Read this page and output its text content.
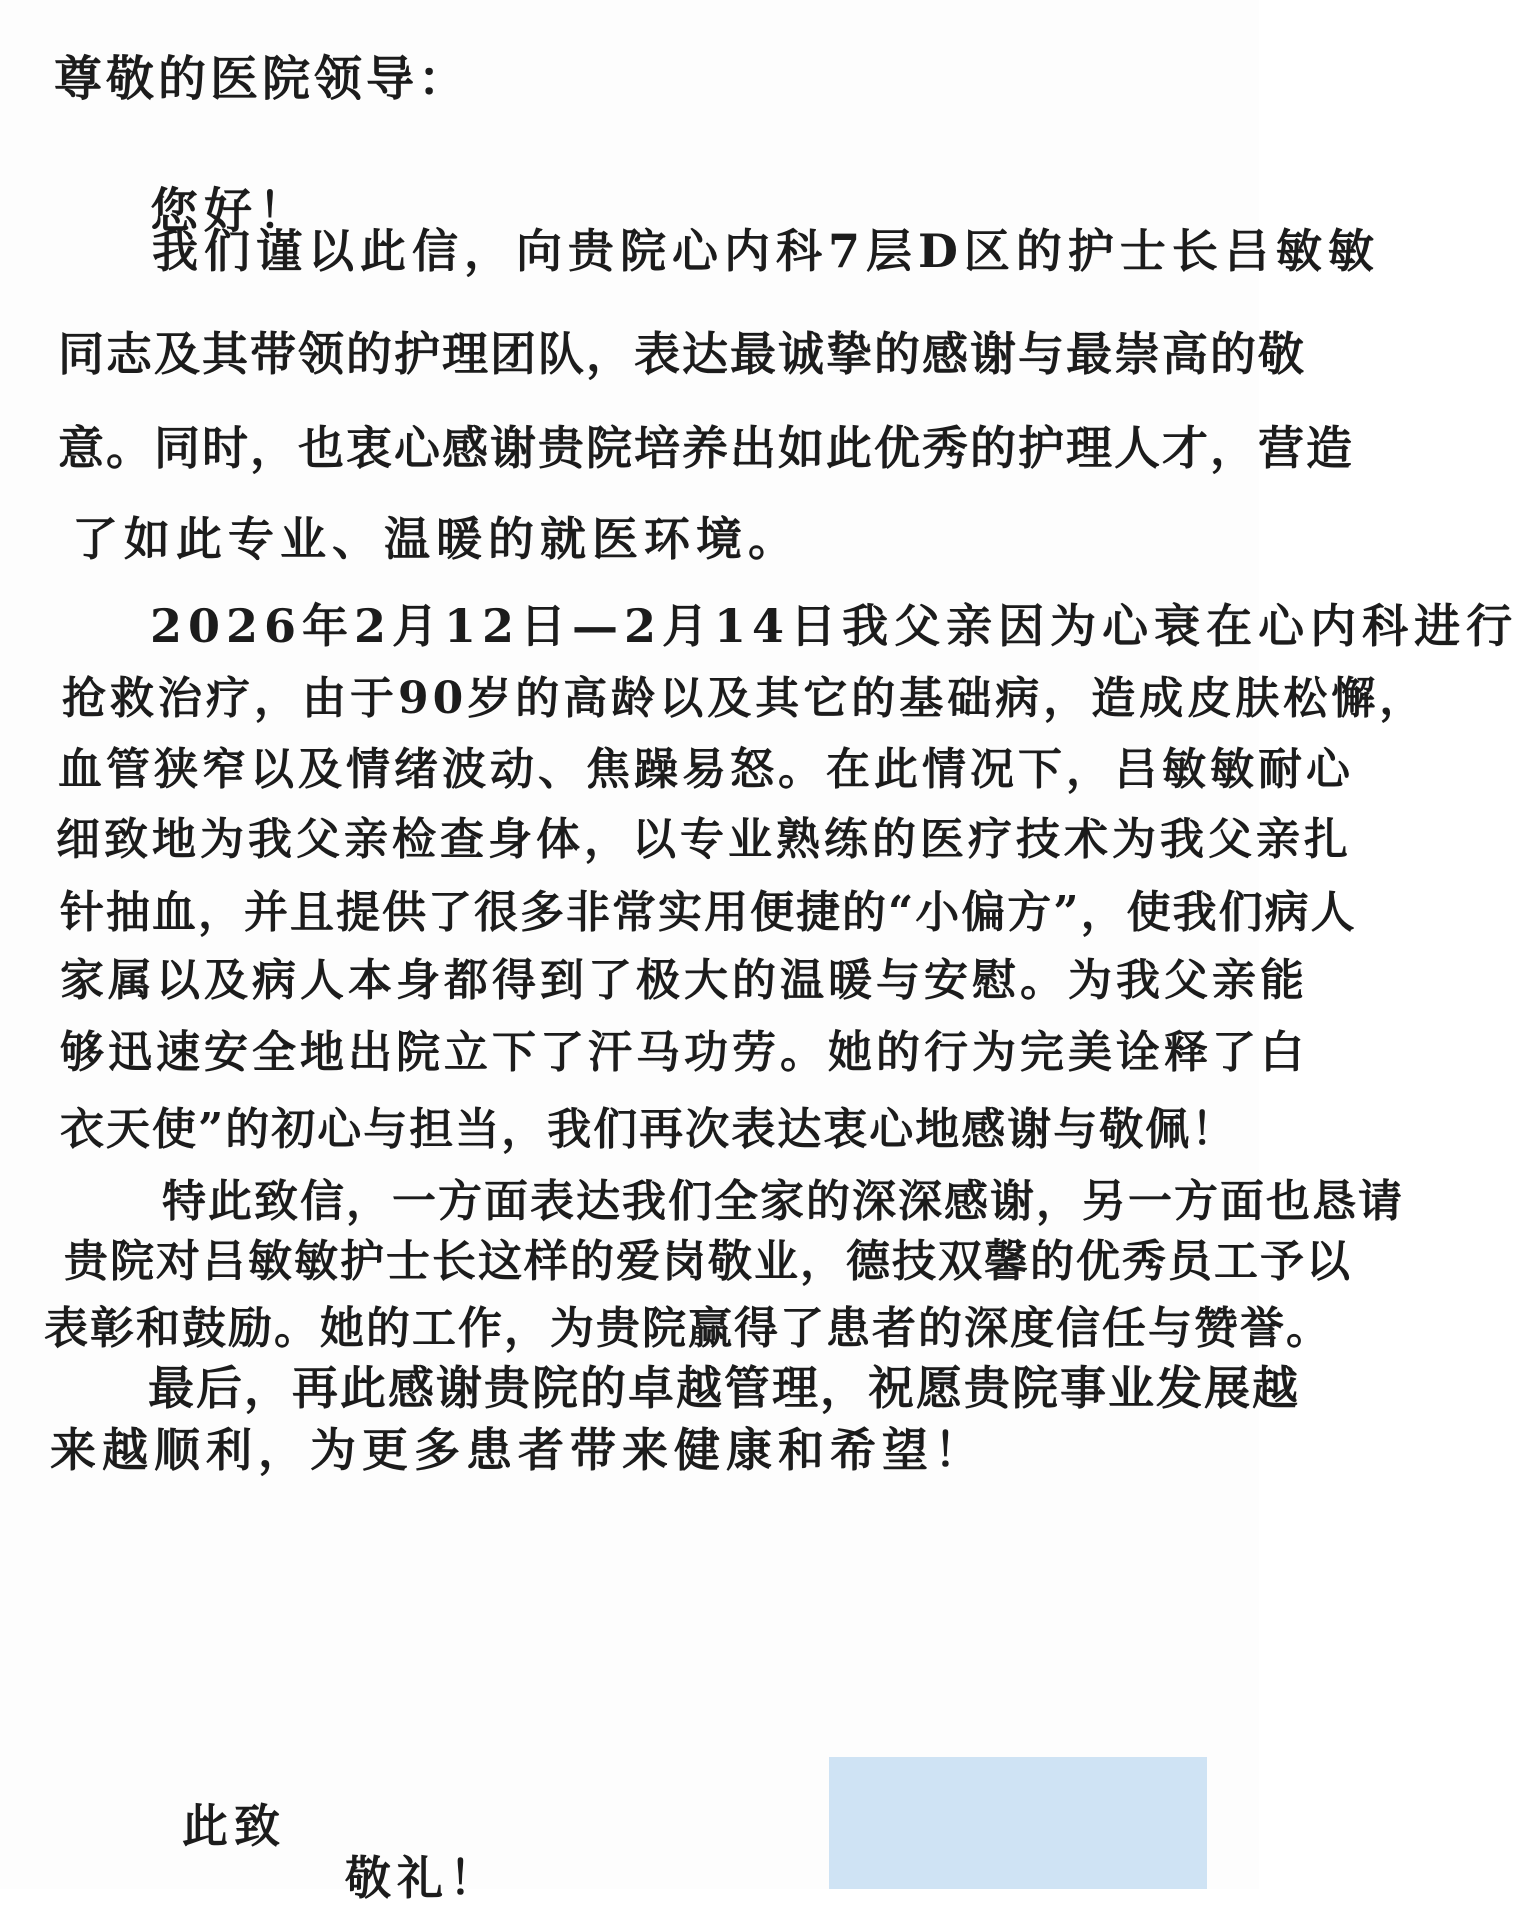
尊敬的医院领导：
您好！
我们谨以此信，向贵院心内科7层D区的护士长吕敏敏
同志及其带领的护理团队，表达最诚挚的感谢与最崇高的敬
意。同时，也衷心感谢贵院培养出如此优秀的护理人才，营造
了如此专业、温暖的就医环境。
2026年2月12日—2月14日我父亲因为心衰在心内科进行
抢救治疗，由于90岁的高龄以及其它的基础病，造成皮肤松懈，
血管狭窄以及情绪波动、焦躁易怒。在此情况下，吕敏敏耐心
细致地为我父亲检查身体，以专业熟练的医疗技术为我父亲扎
针抽血，并且提供了很多非常实用便捷的“小偏方”，使我们病人
家属以及病人本身都得到了极大的温暖与安慰。为我父亲能
够迅速安全地出院立下了汗马功劳。她的行为完美诠释了白
衣天使”的初心与担当，我们再次表达衷心地感谢与敬佩！
特此致信，一方面表达我们全家的深深感谢，另一方面也恳请
贵院对吕敏敏护士长这样的爱岗敬业，德技双馨的优秀员工予以
表彰和鼓励。她的工作，为贵院赢得了患者的深度信任与赞誉。
最后，再此感谢贵院的卓越管理，祝愿贵院事业发展越
来越顺利，为更多患者带来健康和希望！
此致
敬礼！
